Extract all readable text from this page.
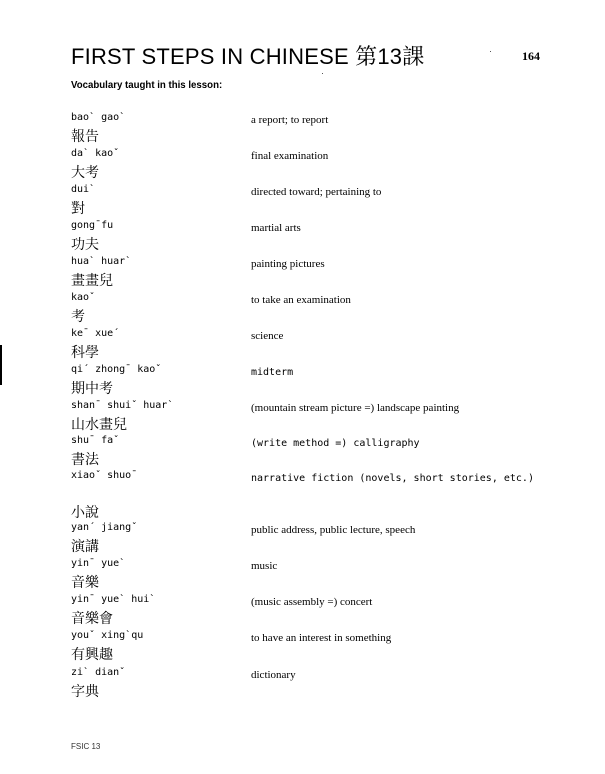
FIRST STEPS IN CHINESE 第13課	164
Vocabulary taught in this lesson:
bao` gao`
報告
a report; to report
da` kaoˇ
大考
final examination
dui`
對
directed toward; pertaining to
gong¯fu
功夫
martial arts
hua` huar`
畫畫兒
painting pictures
kaoˇ
考
to take an examination
ke¯ xue´
科學
science
qi´ zhong¯ kaoˇ
期中考
midterm
shan¯ shuiˇ huar`
山水畫兒
(mountain stream picture =) landscape painting
shu¯ faˇ
書法
(write method =) calligraphy
xiaoˇ shuo¯
小說
narrative fiction (novels, short stories, etc.)
yan´ jiangˇ
演講
public address, public lecture, speech
yin¯ yue`
音樂
music
yin¯ yue` hui`
音樂會
(music assembly =) concert
youˇ xing`qu
有興趣
to have an interest in something
zi` dianˇ
字典
dictionary
FSIC 13
